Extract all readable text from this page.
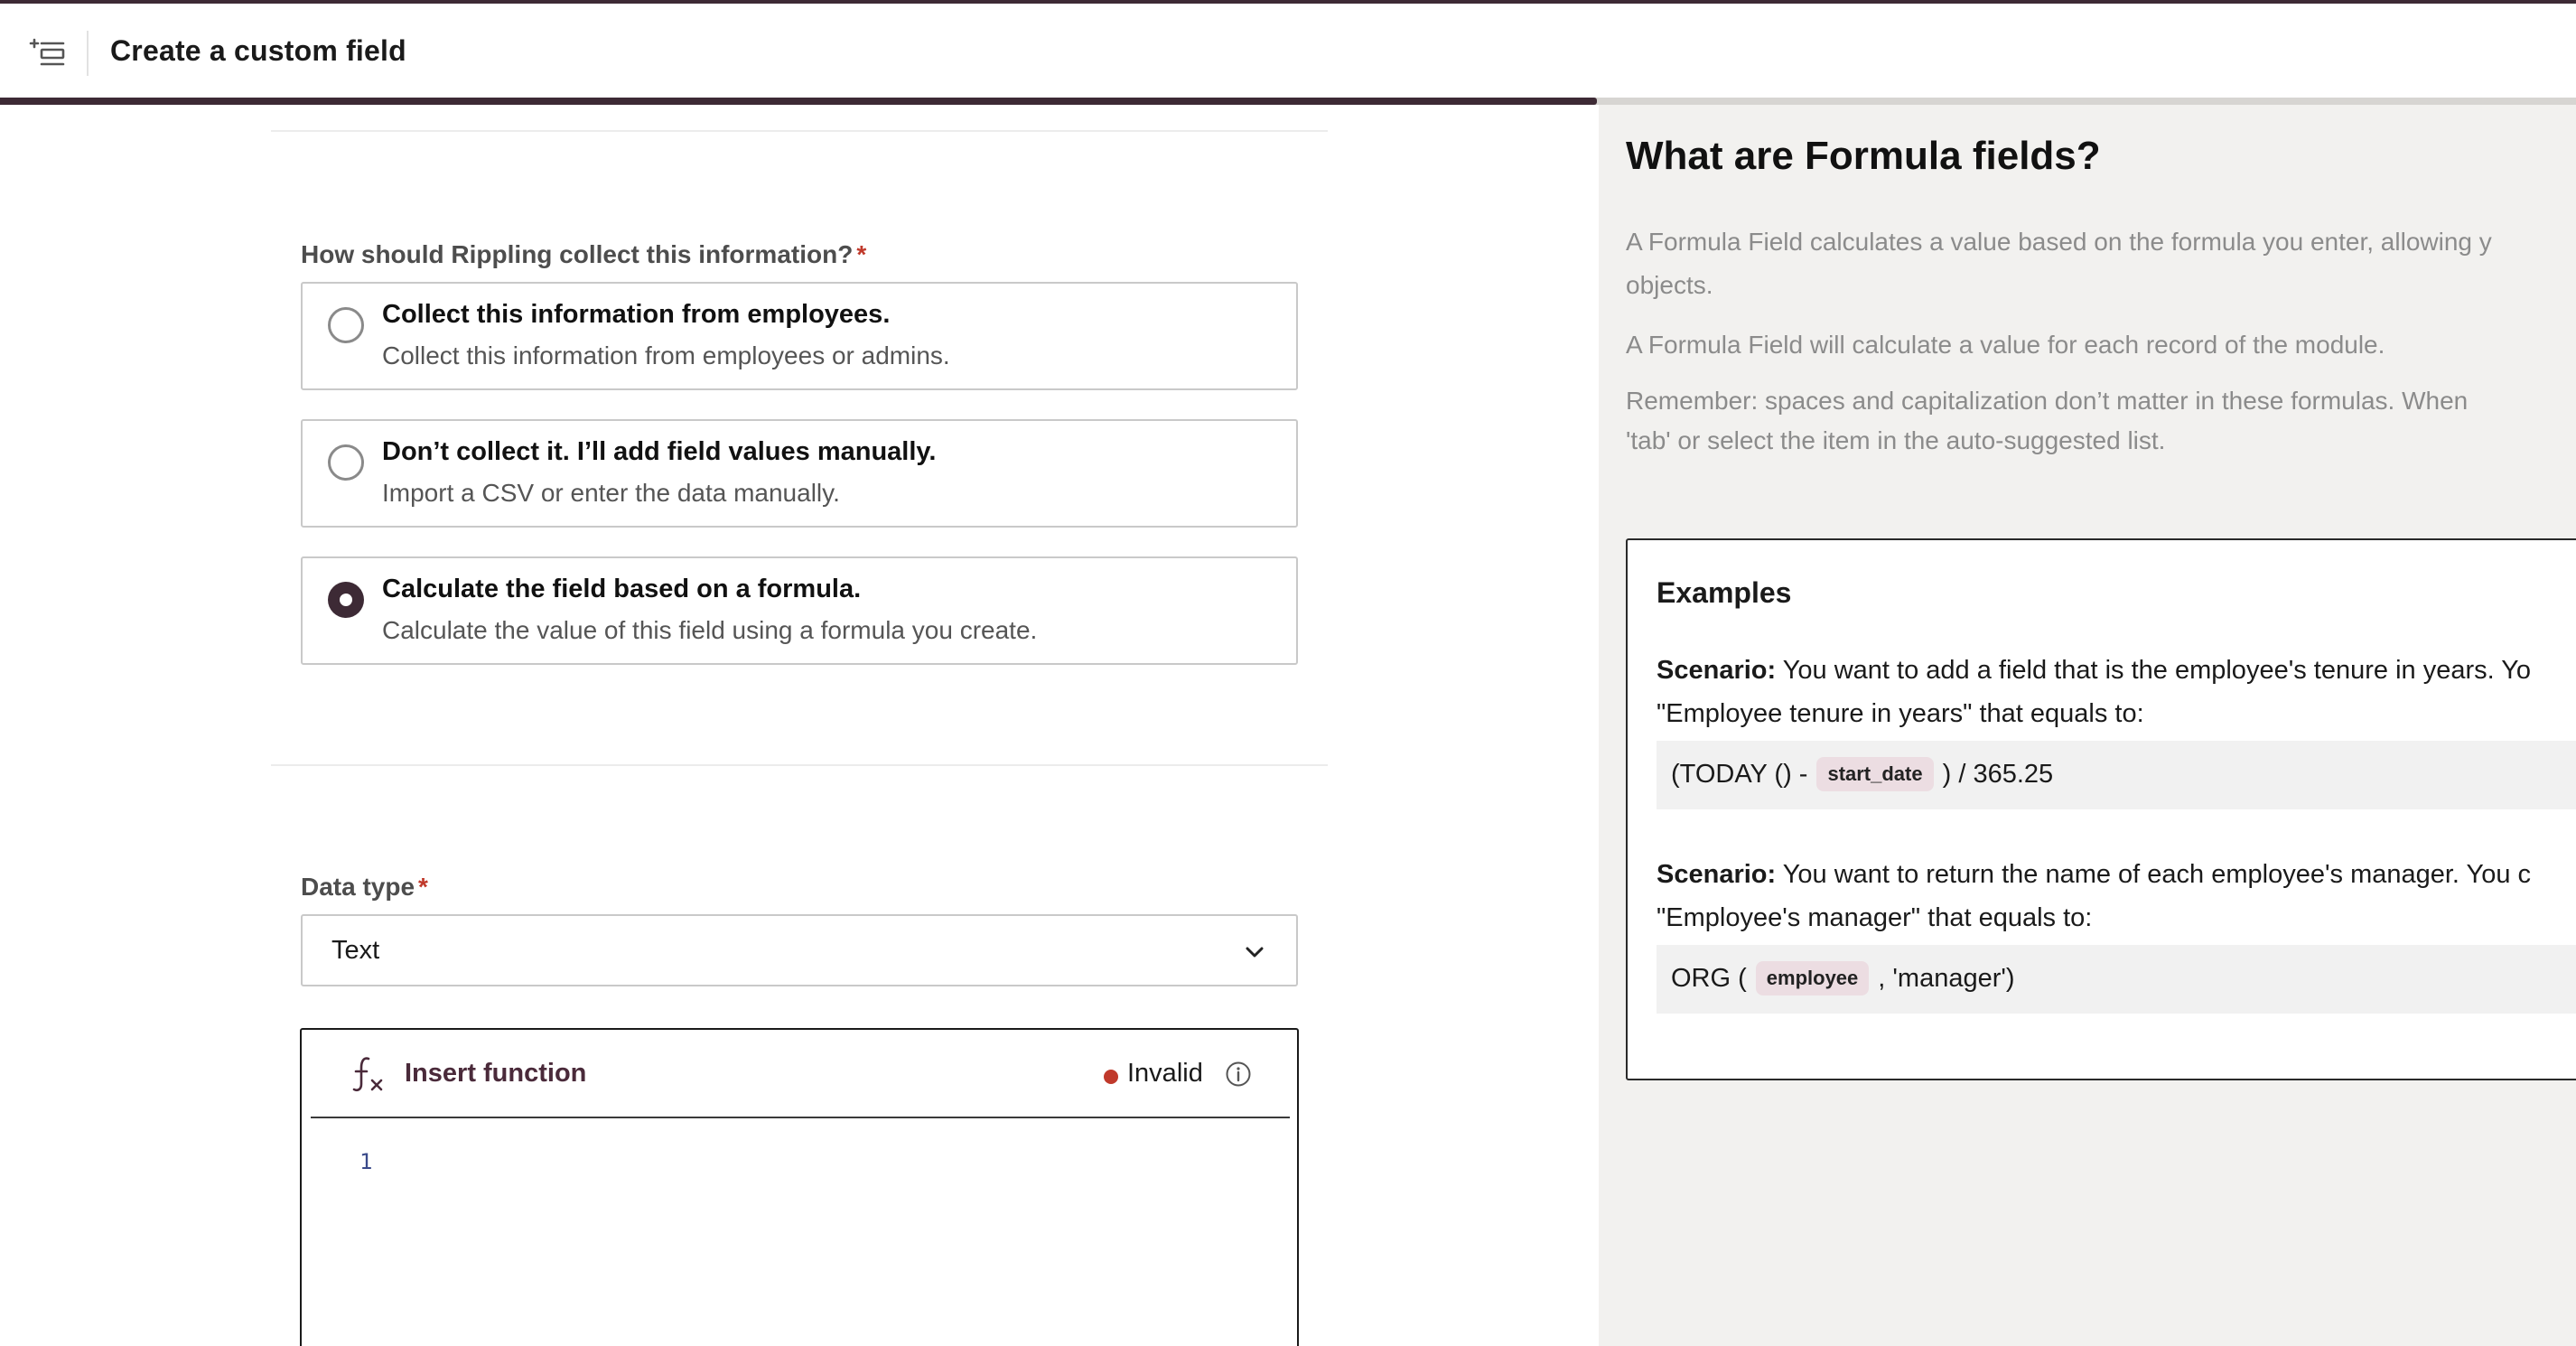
Create a custom field
How should Rippling collect this information? *
Collect this information from employees.
Collect this information from employees or admins.
Don’t collect it. I’ll add field values manually.
Import a CSV or enter the data manually.
Calculate the field based on a formula.
Calculate the value of this field using a formula you create.
Data type *
Text
Insert function	Invalid
1
What are Formula fields?
A Formula Field calculates a value based on the formula you enter, allowing y
objects.
A Formula Field will calculate a value for each record of the module.
Remember: spaces and capitalization don’t matter in these formulas. When
'tab' or select the item in the auto-suggested list.
Examples
Scenario: You want to add a field that is the employee's tenure in years. Yo
"Employee tenure in years" that equals to:
(TODAY () -	start_date ) / 365.25
Scenario: You want to return the name of each employee's manager. You c
"Employee's manager" that equals to:
ORG (	employee , 'manager')
